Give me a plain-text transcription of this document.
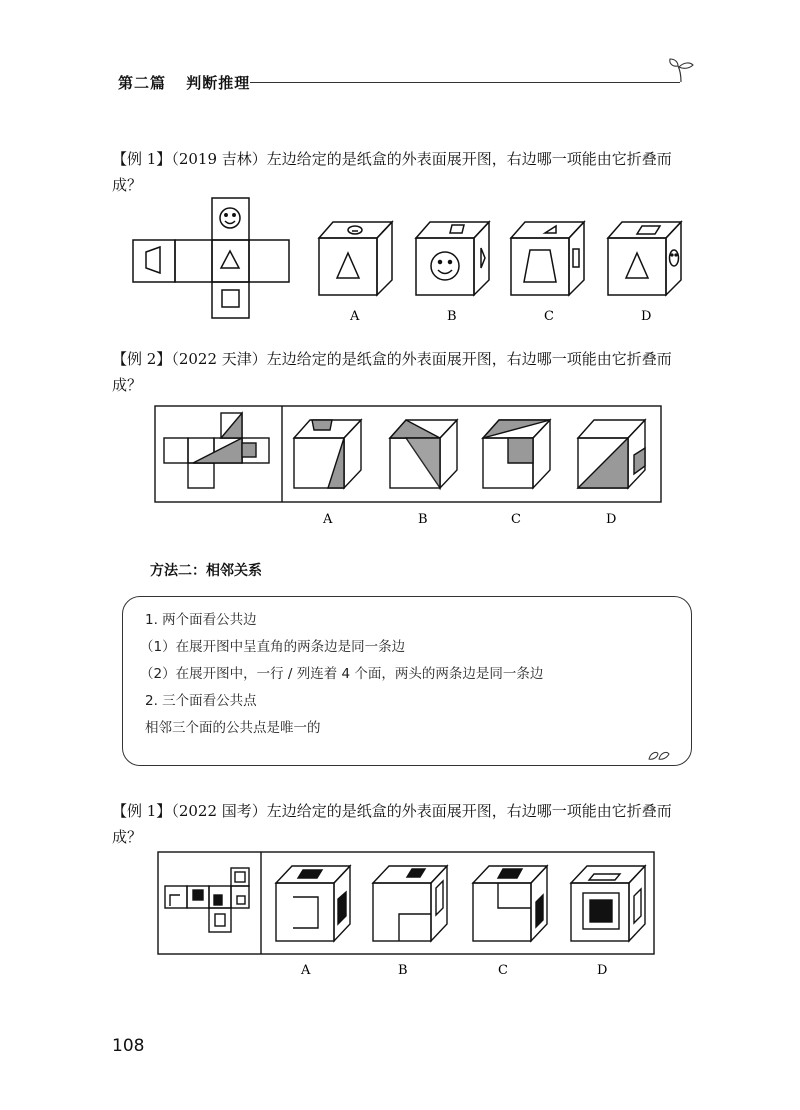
第二篇 判断推理
【例 1】（2019 吉林）左边给定的是纸盒的外表面展开图，右边哪一项能由它折叠而成？
A	B	C	D
【例 2】（2022 天津）左边给定的是纸盒的外表面展开图，右边哪一项能由它折叠而成？
A	B	C	D
方法二：相邻关系
1. 两个面看公共边
（1）在展开图中呈直角的两条边是同一条边
（2）在展开图中，一行 / 列连着 4 个面，两头的两条边是同一条边
2. 三个面看公共点
相邻三个面的公共点是唯一的
【例 1】（2022 国考）左边给定的是纸盒的外表面展开图，右边哪一项能由它折叠而成？
A	B	C	D
108
